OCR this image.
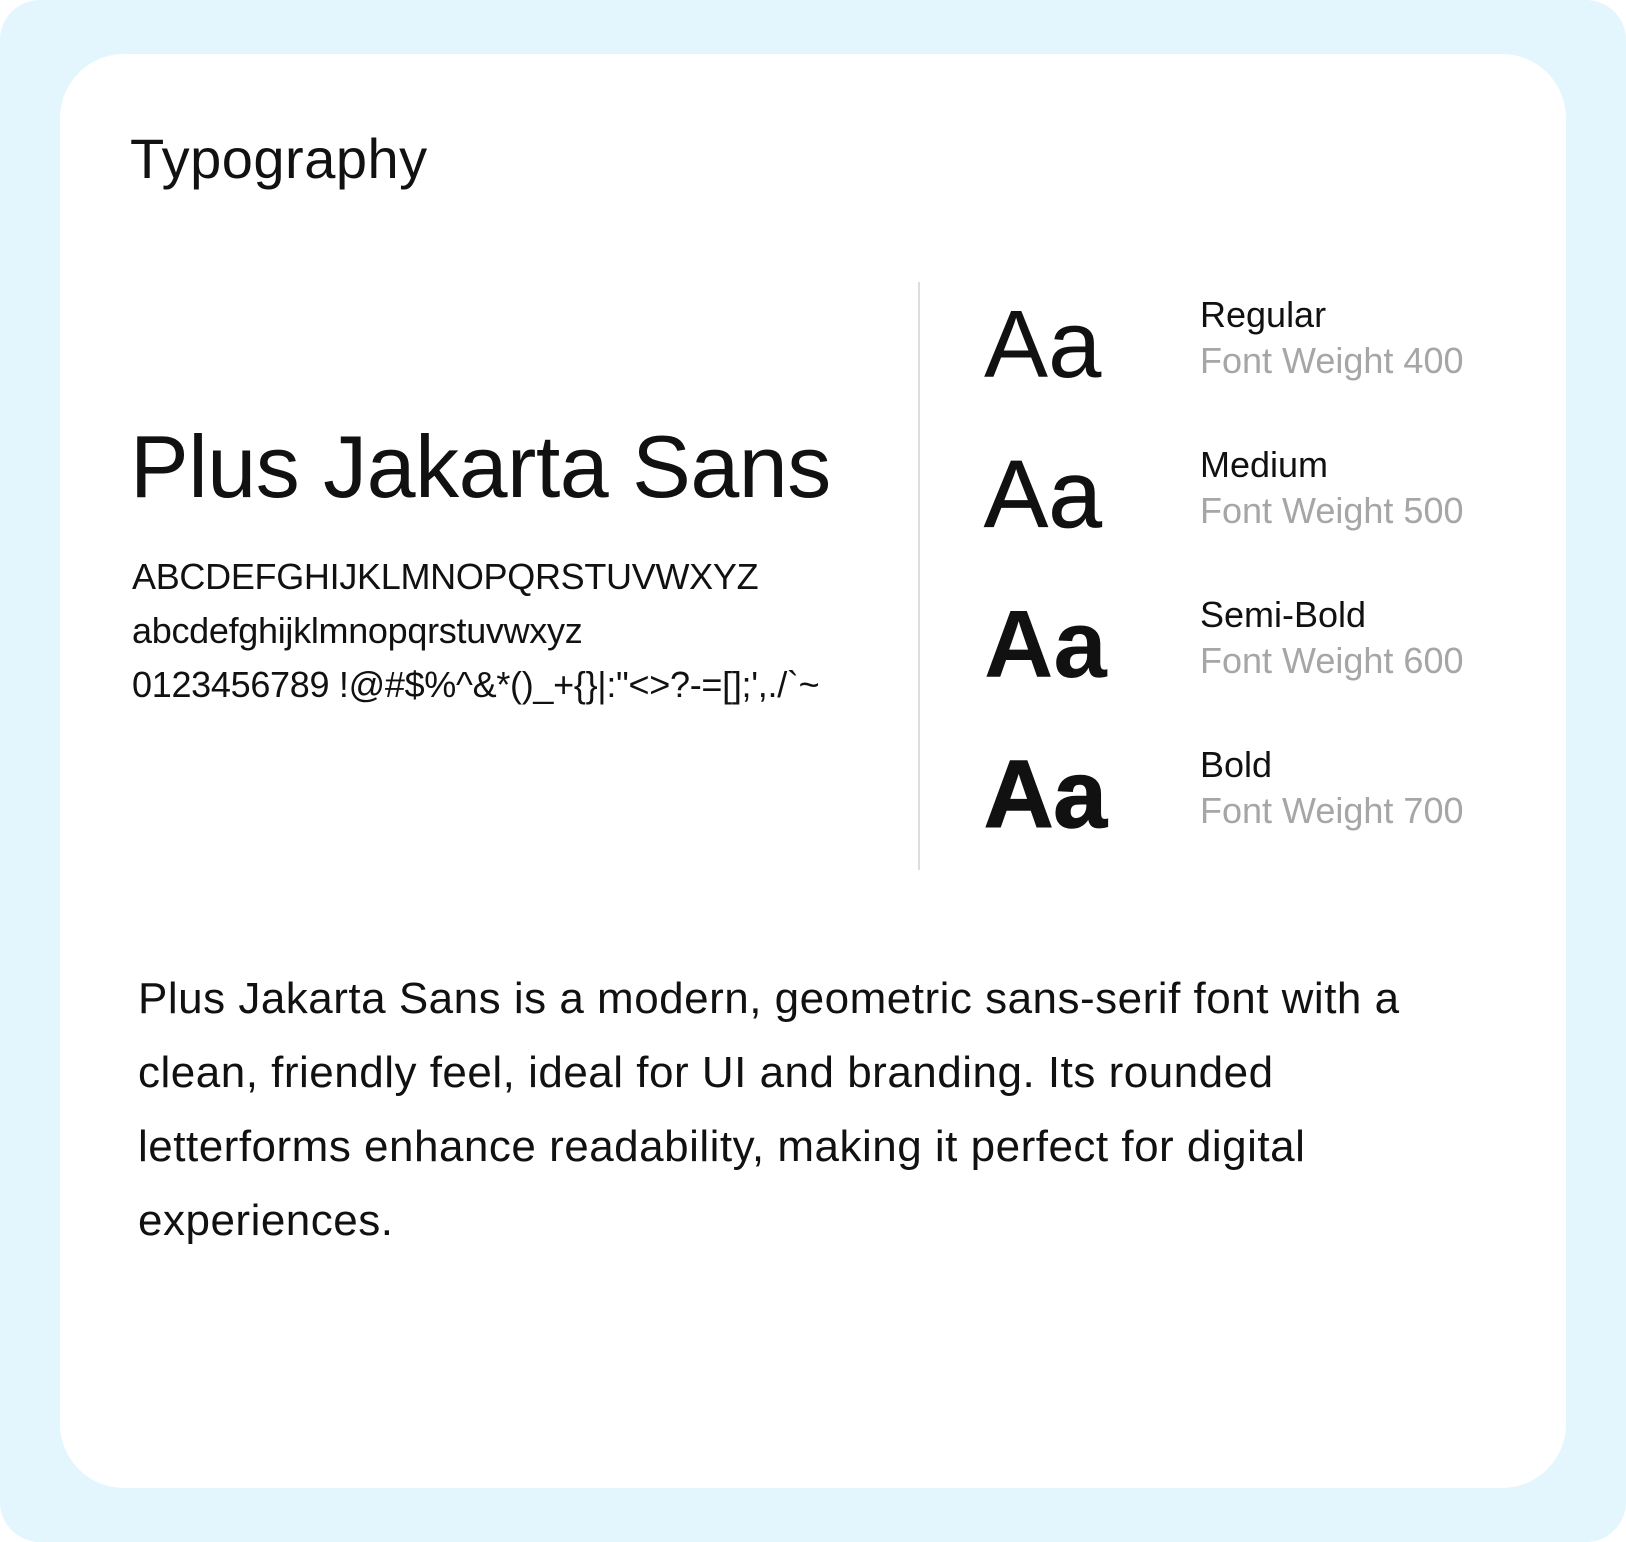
Typography
Plus Jakarta Sans
ABCDEFGHIJKLMNOPQRSTUVWXYZ
abcdefghijklmnopqrstuvwxyz
0123456789 !@#$%^&*()_+{}|:"<>?-=[];',./`~
Aa	Regular
Font Weight 400
Aa	Medium
Font Weight 500
Aa	Semi-Bold
Font Weight 600
Aa	Bold
Font Weight 700
Plus Jakarta Sans is a modern, geometric sans-serif font with a clean, friendly feel, ideal for UI and branding. Its rounded letterforms enhance readability, making it perfect for digital experiences.
